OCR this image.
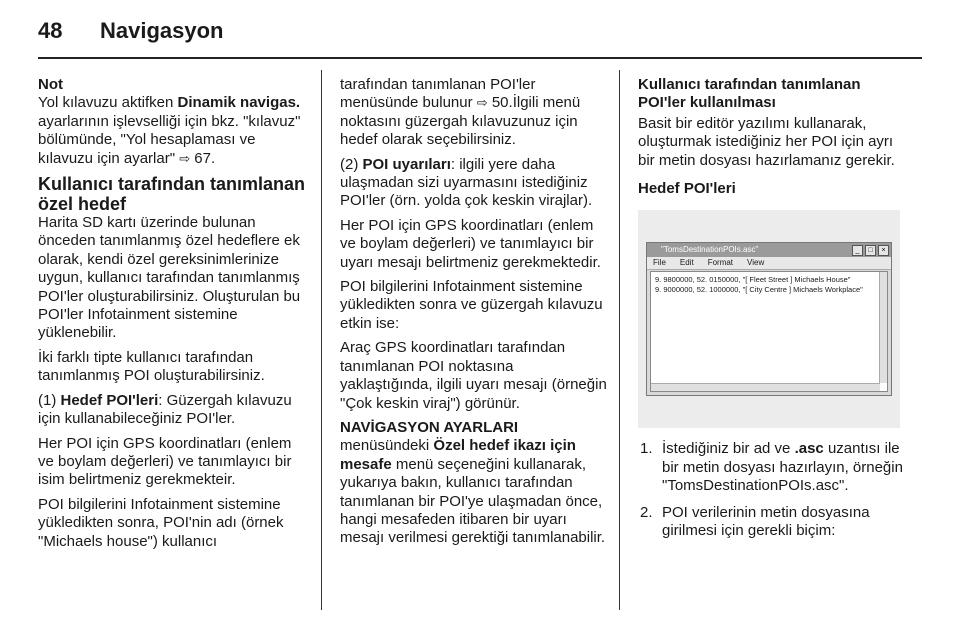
48	Navigasyon

Not
Yol kılavuzu aktifken Dinamik navigas. ayarlarının işlevselliği için bkz. "kılavuz" bölümünde, "Yol hesaplaması ve kılavuzu için ayarlar" ⇨ 67.

Kullanıcı tarafından tanımlanan özel hedef

Harita SD kartı üzerinde bulunan önceden tanımlanmış özel hedeflere ek olarak, kendi özel gereksinimlerinize uygun, kullanıcı tarafından tanımlanmış POI'ler oluşturabilirsiniz. Oluşturulan bu POI'ler Infotainment sistemine yüklenebilir.

İki farklı tipte kullanıcı tarafından tanımlanmış POI oluşturabilirsiniz.

(1) Hedef POI'leri: Güzergah kılavuzu için kullanabileceğiniz POI'ler.

Her POI için GPS koordinatları (enlem ve boylam değerleri) ve tanımlayıcı bir isim belirtmeniz gerekmekteir.

POI bilgilerini Infotainment sistemine yükledikten sonra, POI'nin adı (örnek "Michaels house") kullanıcı

tarafından tanımlanan POI'ler menüsünde bulunur ⇨ 50.İlgili menü noktasını güzergah kılavuzunuz için hedef olarak seçebilirsiniz.

(2) POI uyarıları: ilgili yere daha ulaşmadan sizi uyarmasını istediğiniz POI'ler (örn. yolda çok keskin virajlar).

Her POI için GPS koordinatları (enlem ve boylam değerleri) ve tanımlayıcı bir uyarı mesajı belirtmeniz gerekmektedir.

POI bilgilerini Infotainment sistemine yükledikten sonra ve güzergah kılavuzu etkin ise:

Araç GPS koordinatları tarafından tanımlanan POI noktasına yaklaştığında, ilgili uyarı mesajı (örneğin "Çok keskin viraj") görünür.

NAVİGASYON AYARLARI
menüsündeki Özel hedef ikazı için mesafe menü seçeneğini kullanarak, yukarıya bakın, kullanıcı tarafından tanımlanan bir POI'ye ulaşmadan önce, hangi mesafeden itibaren bir uyarı mesajı verilmesi gerektiği tanımlanabilir.

Kullanıcı tarafından tanımlanan POI'ler kullanılması

Basit bir editör yazılımı kullanarak, oluşturmak istediğiniz her POI için ayrı bir metin dosyası hazırlamanız gerekir.

Hedef POI'leri
"TomsDestinationPOIs.asc"	_	□	×
File Edit Format View
9. 9800000, 52. 0150000, "[ Fleet Street ] Michaels House"
9. 9000000, 52. 1000000, "[ City Centre ] Michaels Workplace"
1. İstediğiniz bir ad ve .asc uzantısı ile bir metin dosyası hazırlayın, örneğin "TomsDestinationPOIs.asc".
2. POI verilerinin metin dosyasına girilmesi için gerekli biçim:
